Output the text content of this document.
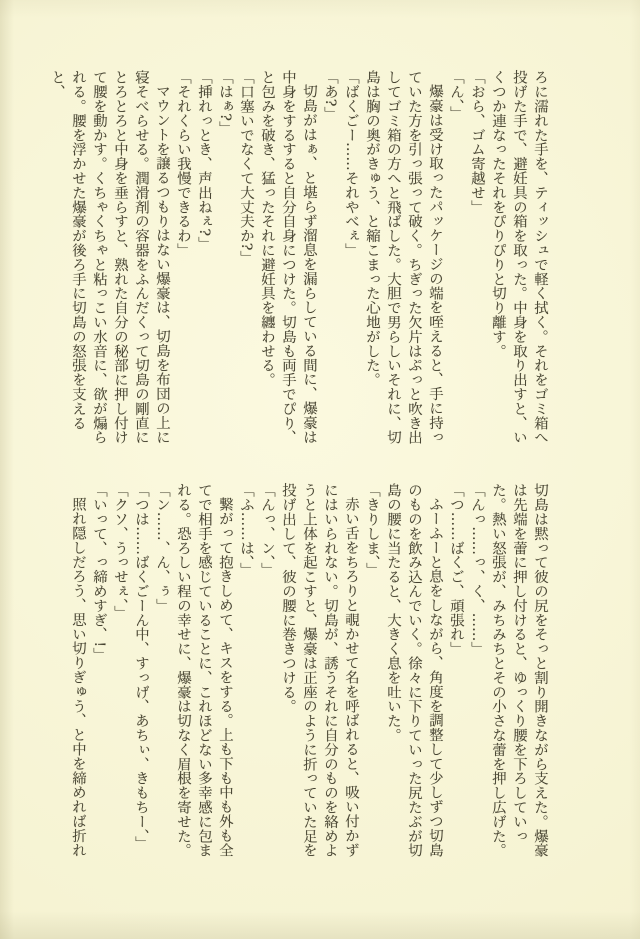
ろに濡れた手を、ティッシュで軽く拭く。それをゴミ箱へ投げた手で、避妊具の箱を取った。中身を取り出すと、いくつか連なったそれをぴりぴりと切り離す。

「おら、ゴム寄越せ」

「ん、」

爆豪は受け取ったパッケージの端を咥えると、手に持っていた方を引っ張って破く。ちぎった欠片はぷっと吹き出してゴミ箱の方へと飛ばした。大胆で男らしいそれに、切島は胸の奥がきゅう、と縮こまった心地がした。

「ばくごー……それやべぇ」

「あ?」

切島がはぁ、と堪らず溜息を漏らしている間に、爆豪は中身をするすると自分自身につけた。切島も両手でぴり、と包みを破き、猛ったそれに避妊具を纏わせる。

「口塞いでなくて大丈夫か?」

「はぁ?」

「挿れっとき、声出ねぇ?」

「それくらい我慢できるわ」

マウントを譲るつもりはない爆豪は、切島を布団の上に寝そべらせる。潤滑剤の容器をふんだくって切島の剛直にとろとろと中身を垂らすと、熟れた自分の秘部に押し付けて腰を動かす。くちゃくちゃと粘っこい水音に、欲が煽られる。腰を浮かせた爆豪が後ろ手に切島の怒張を支えると、

切島は黙って彼の尻をそっと割り開きながら支えた。爆豪は先端を蕾に押し付けると、ゆっくり腰を下ろしていった。熱い怒張が、みちみちとその小さな蕾を押し広げた。

「んっ……っ、く、……」

「つ……ばくご、頑張れ」

ふーふーと息をしながら、角度を調整して少しずつ切島のものを飲み込んでいく。徐々に下りていった尻たぶが切島の腰に当たると、大きく息を吐いた。

「きりしま、」

赤い舌をちろりと覗かせて名を呼ばれると、吸い付かずにはいられない。切島が、誘うそれに自分のものを絡めようと上体を起こすと、爆豪は正座のように折っていた足を投げ出して、彼の腰に巻きつける。

「んっ、ン、」

「ふ……は、」

繋がって抱きしめて、キスをする。上も下も中も外も全てで相手を感じていることに、これほどない多幸感に包まれる。恐ろしい程の幸せに、爆豪は切なく眉根を寄せた。

「ン……、ん、ぅ」

「つは……ばくごーん中、すっげ、あちぃ、きもちー、」

「クソ、うっせぇ、」

「いって、っ締めすぎ、!」

照れ隠しだろう、思い切りぎゅう、と中を締めれば折れ
